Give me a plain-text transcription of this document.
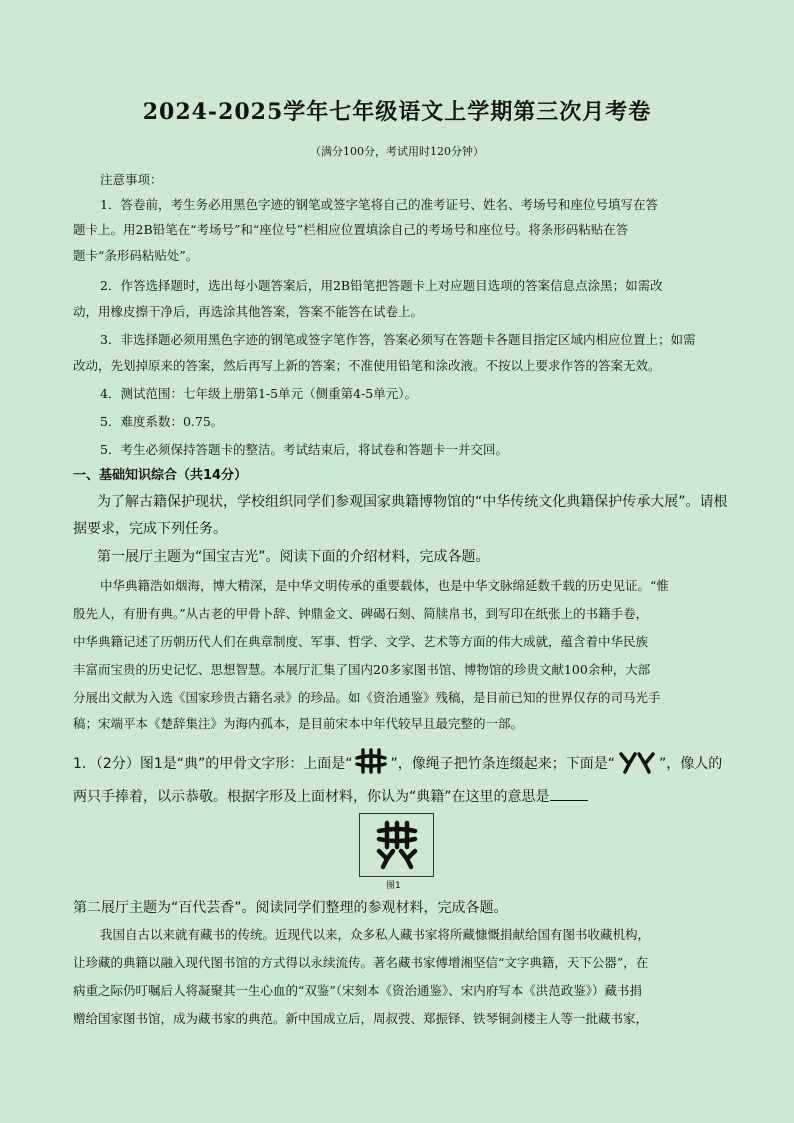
2024-2025学年七年级语文上学期第三次月考卷
（满分100分，考试用时120分钟）
注意事项：
1．答卷前，考生务必用黑色字迹的钢笔或签字笔将自己的准考证号、姓名、考场号和座位号填写在答
题卡上。用2B铅笔在“考场号”和“座位号”栏相应位置填涂自己的考场号和座位号。将条形码粘贴在答
题卡“条形码粘贴处”。
2．作答选择题时，选出每小题答案后，用2B铅笔把答题卡上对应题目选项的答案信息点涂黑；如需改
动，用橡皮擦干净后，再选涂其他答案，答案不能答在试卷上。
3．非选择题必须用黑色字迹的钢笔或签字笔作答，答案必须写在答题卡各题目指定区域内相应位置上；如需
改动，先划掉原来的答案，然后再写上新的答案；不准使用铅笔和涂改液。不按以上要求作答的答案无效。
4．测试范围：七年级上册第1-5单元（侧重第4-5单元）。
5．难度系数：0.75。
5．考生必须保持答题卡的整洁。考试结束后，将试卷和答题卡一并交回。
一、基础知识综合（共14分）
为了解古籍保护现状，学校组织同学们参观国家典籍博物馆的“中华传统文化典籍保护传承大展”。请根
据要求，完成下列任务。
第一展厅主题为“国宝吉光”。阅读下面的介绍材料，完成各题。
中华典籍浩如烟海，博大精深，是中华文明传承的重要载体，也是中华文脉绵延数千载的历史见证。“惟
殷先人，有册有典。”从古老的甲骨卜辞、钟鼎金文、碑碣石刻、简牍帛书，到写印在纸张上的书籍手卷，
中华典籍记述了历朝历代人们在典章制度、军事、哲学、文学、艺术等方面的伟大成就，蕴含着中华民族
丰富而宝贵的历史记忆、思想智慧。本展厅汇集了国内20多家图书馆、博物馆的珍贵文献100余种，大部
分展出文献为入选《国家珍贵古籍名录》的珍品。如《资治通鉴》残稿，是目前已知的世界仅存的司马光手
稿；宋端平本《楚辞集注》为海内孤本，是目前宋本中年代较早且最完整的一部。
1．（2分）图1是“典”的甲骨文字形：上面是“	”，像绳子把竹条连缀起来；下面是“	”，像人的
两只手捧着，以示恭敬。根据字形及上面材料，你认为“典籍”在这里的意思是
图1
第二展厅主题为“百代芸香”。阅读同学们整理的参观材料，完成各题。
我国自古以来就有藏书的传统。近现代以来，众多私人藏书家将所藏慷慨捐献给国有图书收藏机构，
让珍藏的典籍以融入现代图书馆的方式得以永续流传。著名藏书家傅增湘坚信“文字典籍，天下公器”，在
病重之际仍叮嘱后人将凝聚其一生心血的“双鉴”（宋刻本《资治通鉴》、宋内府写本《洪范政鉴》）藏书捐
赠给国家图书馆，成为藏书家的典范。新中国成立后，周叔弢、郑振铎、铁琴铜剑楼主人等一批藏书家，
